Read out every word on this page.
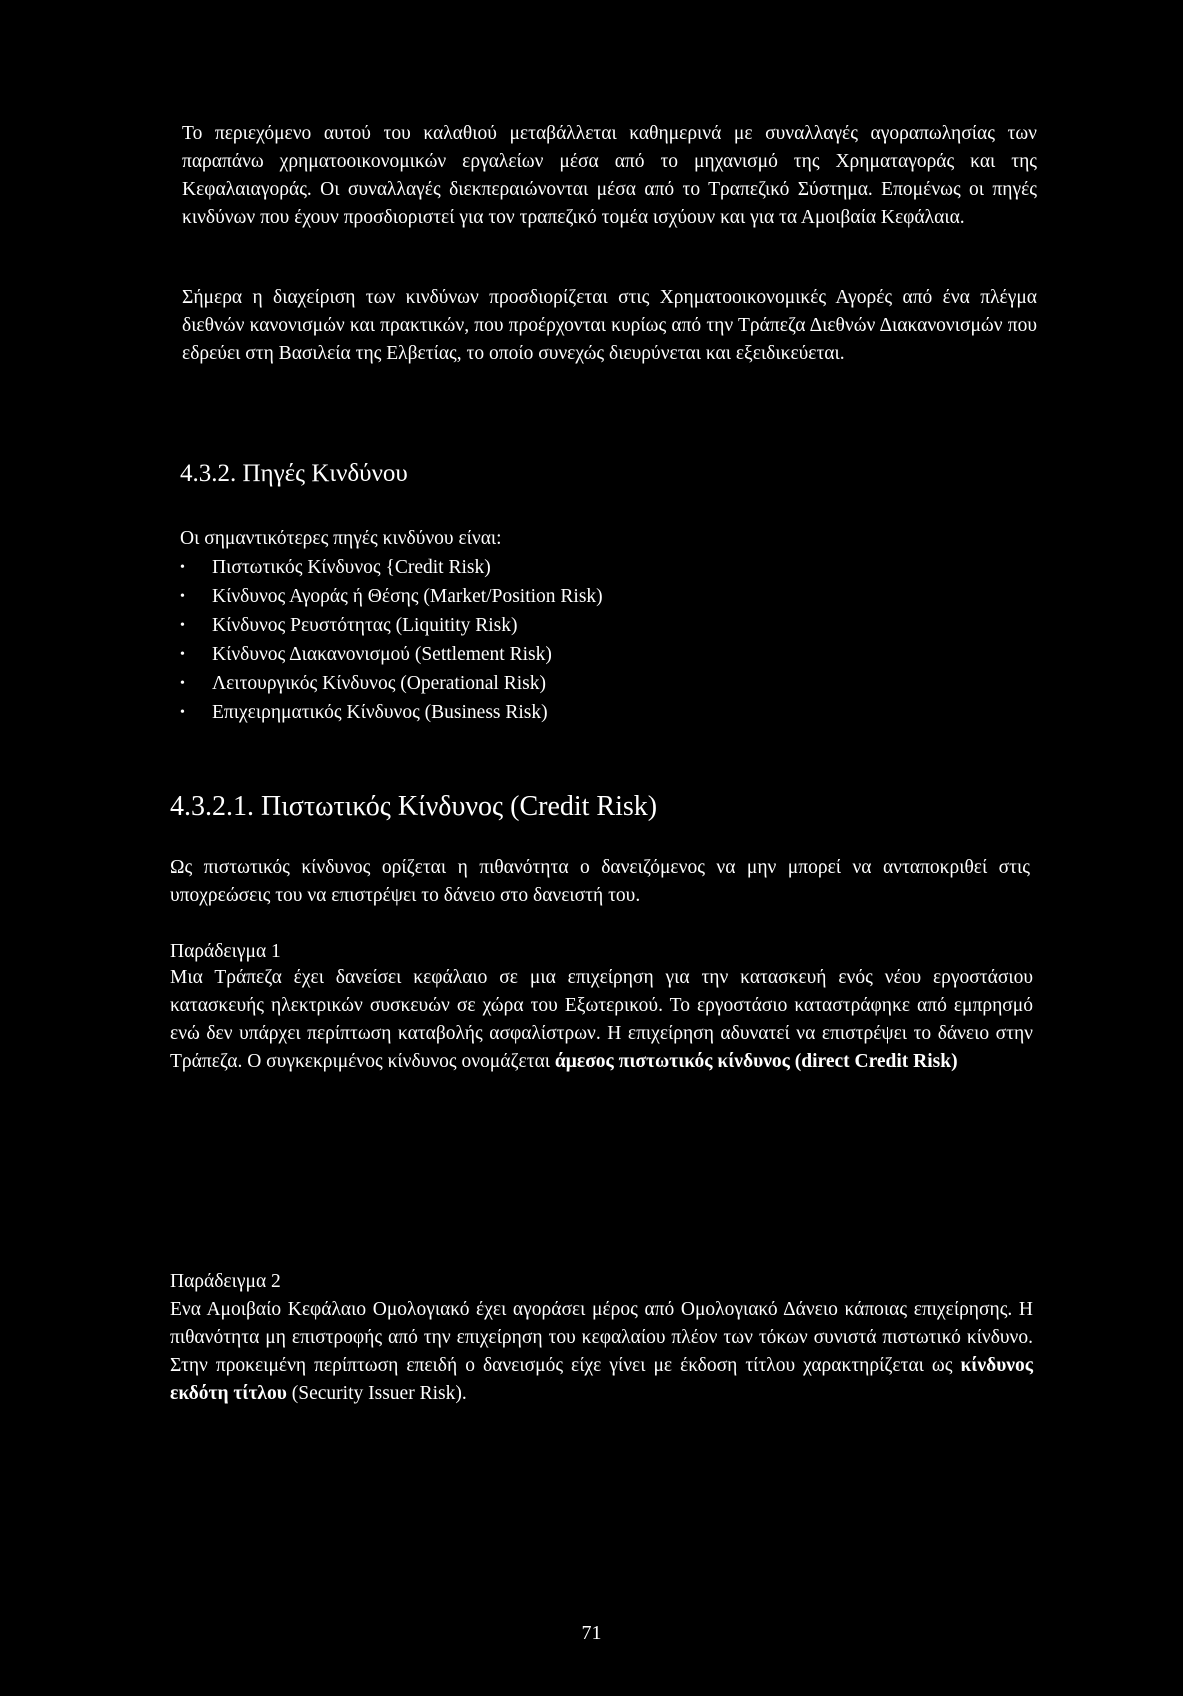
Το περιεχόμενο αυτού του καλαθιού μεταβάλλεται καθημερινά με συναλλαγές αγοραπωλησίας των παραπάνω χρηματοοικονομικών εργαλείων μέσα από το μηχανισμό της Χρηματαγοράς και της Κεφαλαιαγοράς. Οι συναλλαγές διεκπεραιώνονται μέσα από το Τραπεζικό Σύστημα. Επομένως οι πηγές κινδύνων που έχουν προσδιοριστεί για τον τραπεζικό τομέα ισχύουν και για τα Αμοιβαία Κεφάλαια.

Σήμερα η διαχείριση των κινδύνων προσδιορίζεται στις Χρηματοοικονομικές Αγορές από ένα πλέγμα διεθνών κανονισμών και πρακτικών, που προέρχονται κυρίως από την Τράπεζα Διεθνών Διακανονισμών που εδρεύει στη Βασιλεία της Ελβετίας, το οποίο συνεχώς διευρύνεται και εξειδικεύεται.

4.3.2. Πηγές Κινδύνου
Οι σημαντικότερες πηγές κινδύνου είναι:
• Πιστωτικός Κίνδυνος {Credit Risk)
• Κίνδυνος Αγοράς ή Θέσης (Market/Position Risk)
• Κίνδυνος Ρευστότητας (Liquitity Risk)
• Κίνδυνος Διακανονισμού (Settlement Risk)
• Λειτουργικός Κίνδυνος (Operational Risk)
• Επιχειρηματικός Κίνδυνος (Business Risk)
4.3.2.1. Πιστωτικός Κίνδυνος (Credit Risk)

Ως πιστωτικός κίνδυνος ορίζεται η πιθανότητα ο δανειζόμενος να μην μπορεί να ανταποκριθεί στις υποχρεώσεις του να επιστρέψει το δάνειο στο δανειστή του.

Παράδειγμα 1

Μια Τράπεζα έχει δανείσει κεφάλαιο σε μια επιχείρηση για την κατασκευή ενός νέου εργοστάσιου κατασκευής ηλεκτρικών συσκευών σε χώρα του Εξωτερικού. Το εργοστάσιο καταστράφηκε από εμπρησμό ενώ δεν υπάρχει περίπτωση καταβολής ασφαλίστρων. Η επιχείρηση αδυνατεί να επιστρέψει το δάνειο στην Τράπεζα. Ο συγκεκριμένος κίνδυνος ονομάζεται άμεσος πιστωτικός κίνδυνος (direct Credit Risk)

Παράδειγμα 2

Ενα Αμοιβαίο Κεφάλαιο Ομολογιακό έχει αγοράσει μέρος από Ομολογιακό Δάνειο κάποιας επιχείρησης. Η πιθανότητα μη επιστροφής από την επιχείρηση του κεφαλαίου πλέον των τόκων συνιστά πιστωτικό κίνδυνο. Στην προκειμένη περίπτωση επειδή ο δανεισμός είχε γίνει με έκδοση τίτλου χαρακτηρίζεται ως κίνδυνος εκδότη τίτλου (Security Issuer Risk).

71
